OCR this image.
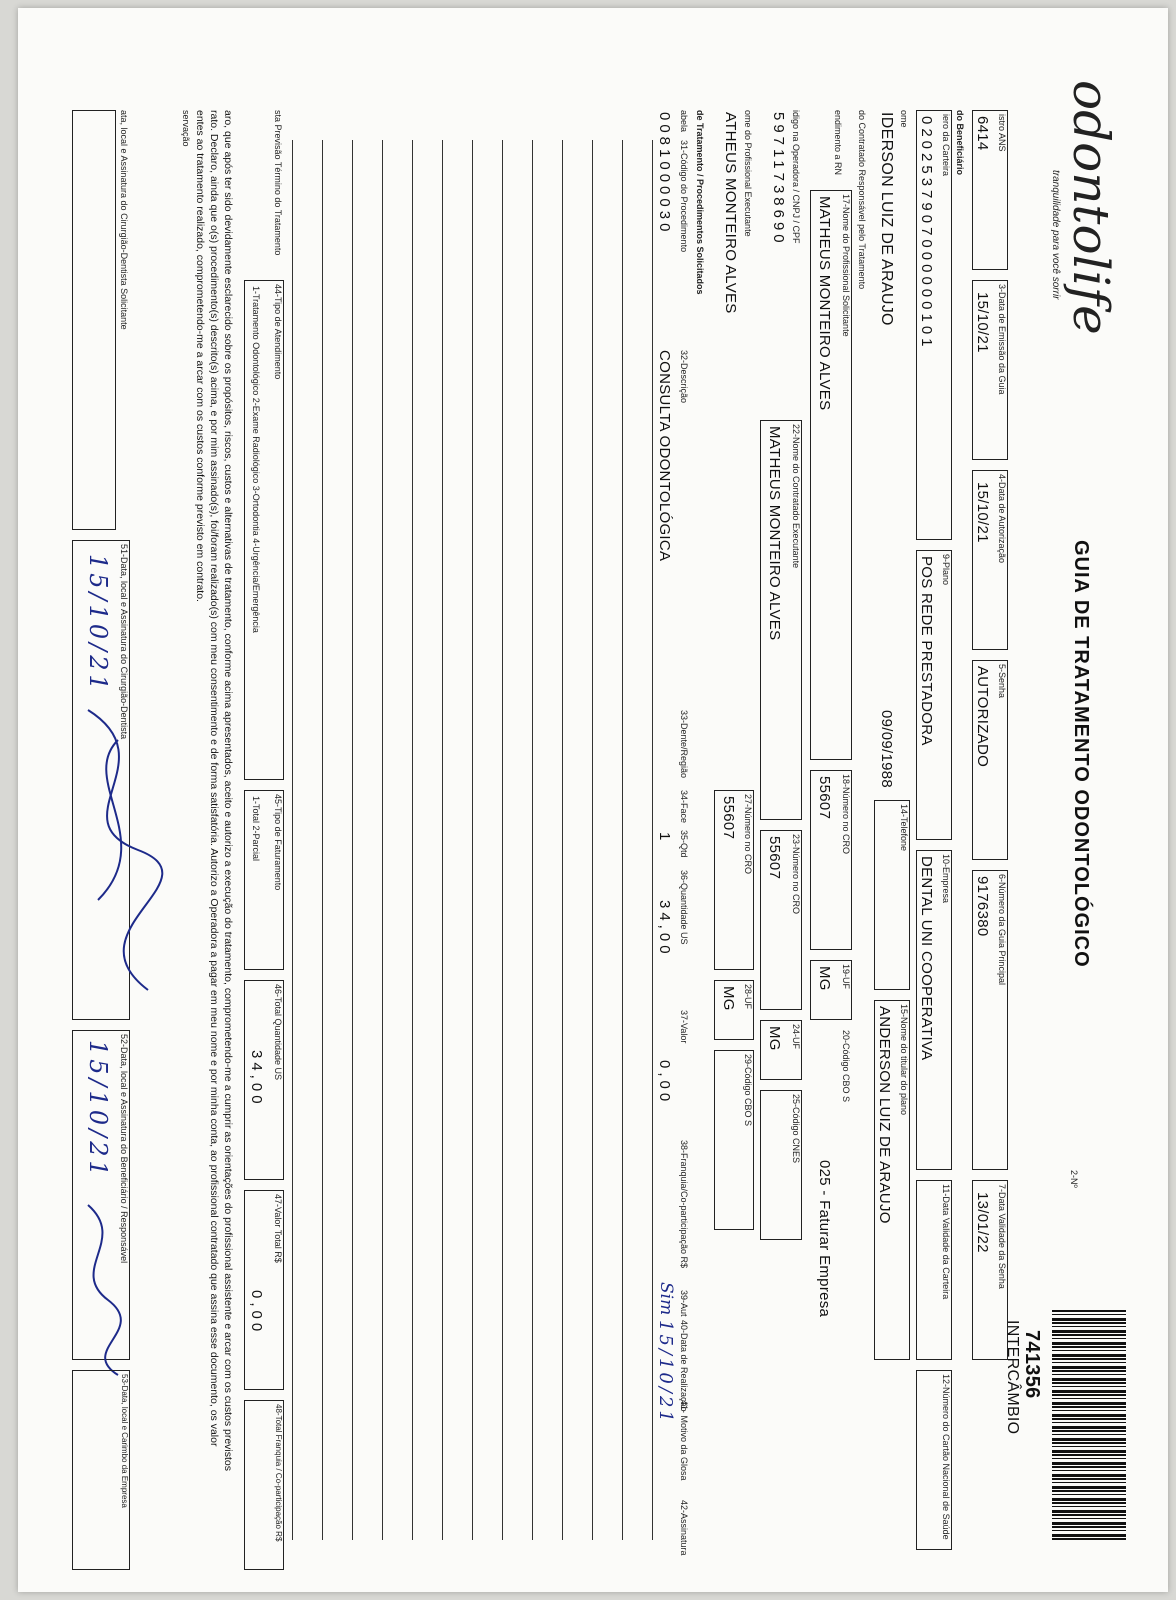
odontolife
tranquilidade para você sorrir
GUIA DE TRATAMENTO ODONTOLÓGICO
2-Nº
741356
INTERCÂMBIO
istro ANS
6414
3-Data de Emissão da Guia
15/10/21
4-Data de Autorização
15/10/21
5-Senha
AUTORIZADO
6-Número da Guia Principal
9176380
7-Data Validade da Senha
13/01/22
do Beneficiário
iero da Carteira
0202537907000000101
9-Plano
POS REDE PRESTADORA
10-Empresa
DENTAL UNI COOPERATIVA
11-Data Validade da Carteira
12-Número do Cartão Nacional de Saúde
ome
IDERSON LUIZ DE ARAUJO
09/09/1988
14-Telefone
15-Nome do titular do plano
ANDERSON LUIZ DE ARAUJO
do Contratado Responsável pelo Tratamento
endimento a RN
17-Nome do Profissional Solicitante
MATHEUS MONTEIRO ALVES
18-Número no CRO
55607
19-UF
MG
20-Código CBO S
025 - Faturar Empresa
idigo na Operadora / CNPJ / CPF
59711738690
22-Nome do Contratado Executante
MATHEUS MONTEIRO ALVES
23-Número no CRO
55607
24-UF
MG
25-Código CNES
ome do Profissional Executante
ATHEUS MONTEIRO ALVES
27-Número no CRO
55607
28-UF
MG
29-Código CBO S
de Tratamento / Procedimentos Solicitados
abela
31-Código do Procedimento
32-Descrição
33-Dente/Região
34-Face
35-Qtd
36-Quantidade US
37-Valor
38-Franquia/Co-participação R$
39-Aut
40-Data de Realização
41- Motivo da Glosa
42-Assinatura
0081000030
CONSULTA ODONTOLÓGICA
1
34,00
0,00
Sim
15/10/21
sta Previsão Término do Tratamento
44-Tipo de Atendimento
1-Tratamento Odontológico 2-Exame Radiológico 3-Ortodontia 4-Urgência/Emergência
45-Tipo de Faturamento
1-Total 2-Parcial
46-Total Quantidade US
34,00
47-Valor Total R$
0,00
48-Total Franquia / Co-participação R$
aro, que após ter sido devidamente esclarecido sobre os propósitos, riscos, custos e alternativas de tratamento, conforme acima apresentados, aceito e autorizo a execução do tratamento, comprometendo-me a cumprir as orientações do profissional assistente e arcar com os custos previstos
rato. Declaro, ainda que o(s) procedimento(s) descrito(s) acima, e por mim assinado(s), foi/foram realizado(s) com meu consentimento e de forma satisfatória. Autorizo a Operadora a pagar em meu nome e por minha conta, ao profissional contratado que assina esse documento, os valor
entes ao tratamento realizado, comprometendo-me a arcar com os custos conforme previsto em contrato.
servação
ata, local e Assinatura do Cirurgião-Dentista Solicitante
51-Data, local e Assinatura do Cirurgião-Dentista
15/10/21
52-Data, local e Assinatura do Beneficiário / Responsável
15/10/21
53-Data, local e Carimbo da Empresa
